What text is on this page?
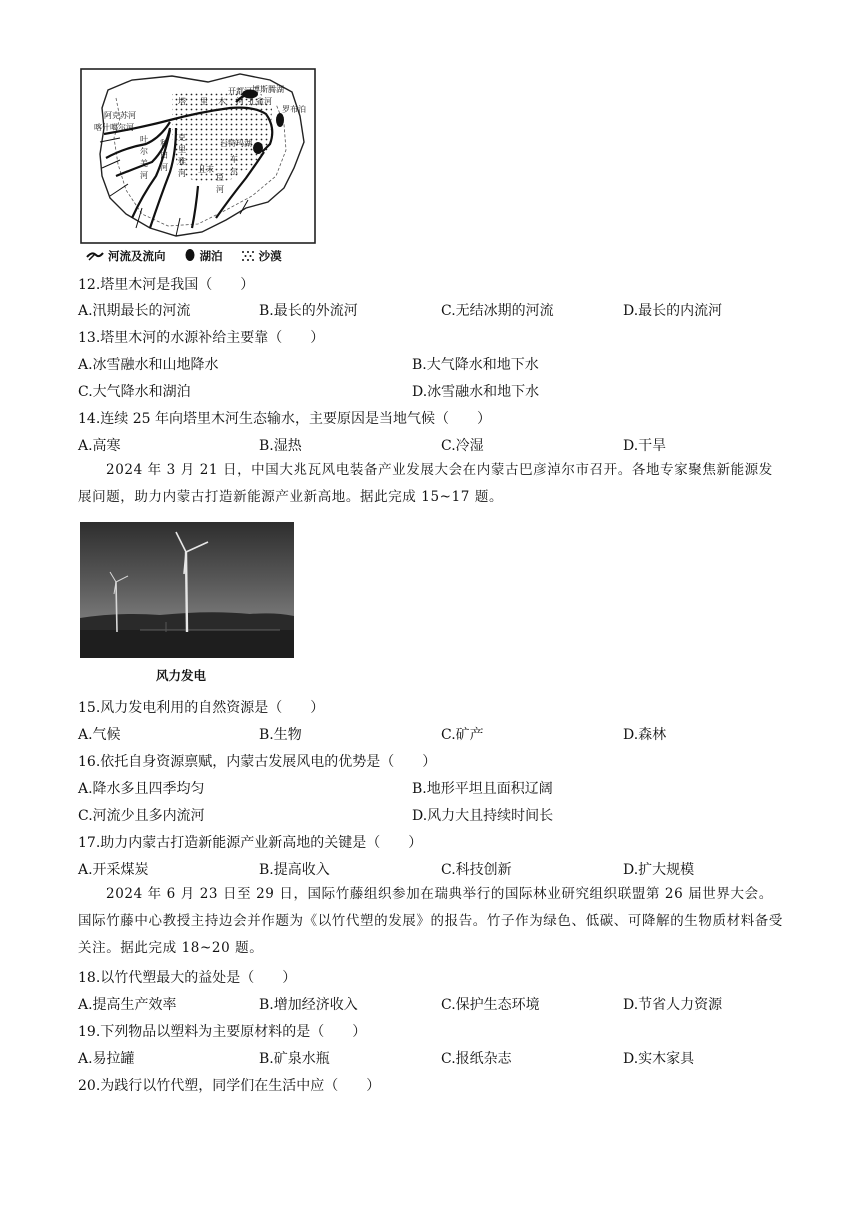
开都河 博斯腾湖
孔雀河
罗布泊
阿克苏河
喀什噶尔河
叶
尔
羌
河
和
田
河
塔 里 木 河
台特玛湖
克
里
雅
河
车
尔
臣
河
且末
河流及流向	湖泊	沙漠
12.塔里木河是我国（　　）
A.汛期最长的河流	B.最长的外流河	C.无结冰期的河流	D.最长的内流河
13.塔里木河的水源补给主要靠（　　）
A.冰雪融水和山地降水	B.大气降水和地下水
C.大气降水和湖泊	D.冰雪融水和地下水
14.连续 25 年向塔里木河生态输水，主要原因是当地气候（　　）
A.高寒	B.湿热	C.冷湿	D.干旱
2024 年 3 月 21 日，中国大兆瓦风电装备产业发展大会在内蒙古巴彦淖尔市召开。各地专家聚焦新能源发展问题，助力内蒙古打造新能源产业新高地。据此完成 15~17 题。
风力发电
15.风力发电利用的自然资源是（　　）
A.气候	B.生物	C.矿产	D.森林
16.依托自身资源禀赋，内蒙古发展风电的优势是（　　）
A.降水多且四季均匀	B.地形平坦且面积辽阔
C.河流少且多内流河	D.风力大且持续时间长
17.助力内蒙古打造新能源产业新高地的关键是（　　）
A.开采煤炭	B.提高收入	C.科技创新	D.扩大规模
2024 年 6 月 23 日至 29 日，国际竹藤组织参加在瑞典举行的国际林业研究组织联盟第 26 届世界大会。国际竹藤中心教授主持边会并作题为《以竹代塑的发展》的报告。竹子作为绿色、低碳、可降解的生物质材料备受关注。据此完成 18~20 题。
18.以竹代塑最大的益处是（　　）
A.提高生产效率	B.增加经济收入	C.保护生态环境	D.节省人力资源
19.下列物品以塑料为主要原材料的是（　　）
A.易拉罐	B.矿泉水瓶	C.报纸杂志	D.实木家具
20.为践行以竹代塑，同学们在生活中应（　　）
